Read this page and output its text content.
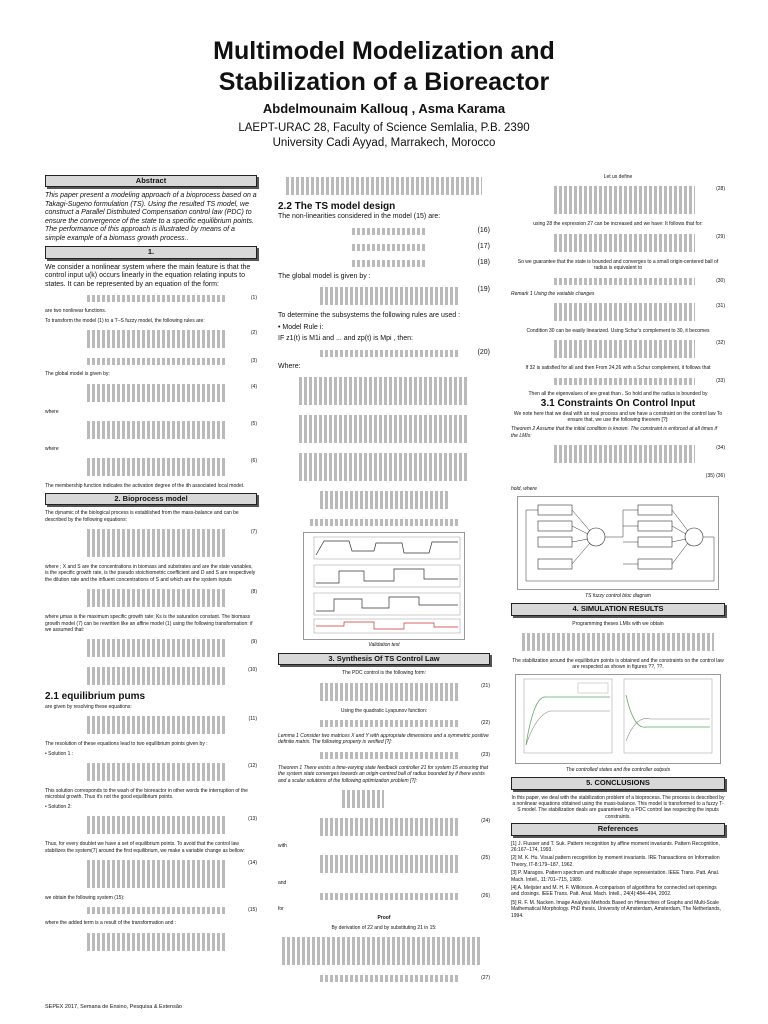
Multimodel Modelization and
Stabilization of a Bioreactor
Abdelmounaim Kallouq , Asma Karama
LAEPT-URAC 28, Faculty of Science Semlalia, P.B. 2390
University Cadi Ayyad, Marrakech, Morocco
Abstract
This paper present a modeling approach of a bioprocess based on a Takagi-Sugeno formulation (TS). Using the resulted TS model, we construct a Parallel Distributed Compensation control law (PDC) to ensure the convergence of the state to a specific equilibrium points. The performance of this approach is illustrated by means of a simple example of a biomass growth process..
1.
We consider a nonlinear system where the main feature is that the control input u(k) occurs linearly in the equation relating inputs to states. It can be represented by an equation of the form:
(1)
are two nonlinear functions.
To transform the model (1) to a T–S fuzzy model, the following rules are:
(2)
(3)
The global model is given by:
(4)
where
(5)
where
(6)
The membership function indicates the activation degree of the ith associated local model.
2. Bioprocess model
The dynamic of the biological process is established from the mass-balance and can be described by the following equations:
(7)
where ; X and S are the concentrations in biomass and substrates and are the state variables, is the specific growth rate, is the pseudo stoichiometric coefficient and D and S are respectively the dilution rate and the influent concentrations of S and which are the system inputs
(8)
where μmax is the maximum specific growth rate; Ks is the saturation constant. The biomass growth model (7) can be rewritten like an affine model (1) using the following transformation: if we assumed that:
(9)
(10)
2.1 equilibrium pums
are given by resolving these equations:
(11)
The resolution of these equations lead to two equilibrium points given by :
• Solution 1 :
(12)
This solution corresponds to the wash of the bioreactor in other words the interruption of the microbial growth. Thus it's not the good equilibrium points.
• Solution 2:
(13)
Thus, for every doublet we have a set of equilibrium points. To avoid that the control law stabilizes the system(7) around the first equilibrium, we make a variable change as bellow:
(14)
we obtain the following system (15):
(15)
where the added term is a result of the transformation and :
2.2 The TS model design
The non-linearities considered in the model (15) are:
(16)
(17)
(18)
The global model is given by :
(19)
To determine the subsystems the following rules are used :
• Model Rule i:
IF z1(t) is M1i and ... and zp(t) is Mpi , then:
(20)
Where:
Validation test
3. Synthesis Of TS Control Law
The PDC control is the following form:
(21)
Using the quadratic Lyapunov function:
(22)
Lemma 1 Consider two matrices X and Y with appropriate dimensions and a symmetric positive definite matrix. The following property is verified [?]:
(23)
Theorem 1 There exists a time-varying state feedback controller 21 for system 15 ensuring that the system state converges towards an origin-centred ball of radius bounded by if there exists and a scalar solutions of the following optimization problem [?]:
(24)
with
(25)
and
(26)
for
Proof
By derivation of 22 and by substituting 21 in 15:
(27)
Let us define
(28)
using 28 the expression 27 can be increased and we have: It follows that for:
(29)
So we guarantee that the state is bounded and converges to a small origin-centered ball of radius is equivalent to
(30)
Remark 1 Using the variable changes
(31)
Condition 30 can be easily linearized. Using Schur's complement to 30, it becomes
(32)
If 32 is satisfied for all and then From 24,26 with a Schur complement, it follows that
(33)
Then all the eigenvalues of are great than . So hold and the radius is bounded by
3.1 Constraints On Control Input
We note here that we deal with an real process and we have a constraint on the control law To ensure that, we use the following theorem [?]:
Theorem 2 Assume that the initial condition is known. The constraint is enforced at all times if the LMIs:
(34)
(35) (36)
hold, where
TS fuzzy control bloc diagram
4. SIMULATION RESULTS
Programming theses LMIs with we obtain
The stabilization around the equilibrium points is obtained and the constraints on the control law are respected as shown in figures ??, ??.
The controlled states and the controller outputs
5. CONCLUSIONS
In this paper, we deal with the stabilization problem of a bioprocess. The process is described by a nonlinear equations obtained using the mass-balance. This model is transformed to a fuzzy T-S model. The stabilization deals are guaranteed by a PDC control law respecting the inputs constraints.
References
[1] J. Flusser and T. Suk. Pattern recognition by affine moment invariants. Pattern Recognition, 26:167–174, 1993.
[2] M. K. Hu. Visual pattern recognition by moment invariants. IRE Transactions on Information Theory, IT-8:179–187, 1962.
[3] P. Maragos. Pattern spectrum and multiscale shape representation. IEEE Trans. Patt. Anal. Mach. Intell., 11:701–715, 1989.
[4] A. Meijster and M. H. F. Wilkinson. A comparison of algorithms for connected set openings and closings. IEEE Trans. Patt. Anal. Mach. Intell., 24(4):484–494, 2002.
[5] R. F. M. Nacken. Image Analysis Methods Based on Hierarchies of Graphs and Multi-Scale Mathematical Morphology. PhD thesis, University of Amsterdam, Amsterdam, The Netherlands, 1994.
SEPEX 2017, Semana de Ensino, Pesquisa & Extensão
